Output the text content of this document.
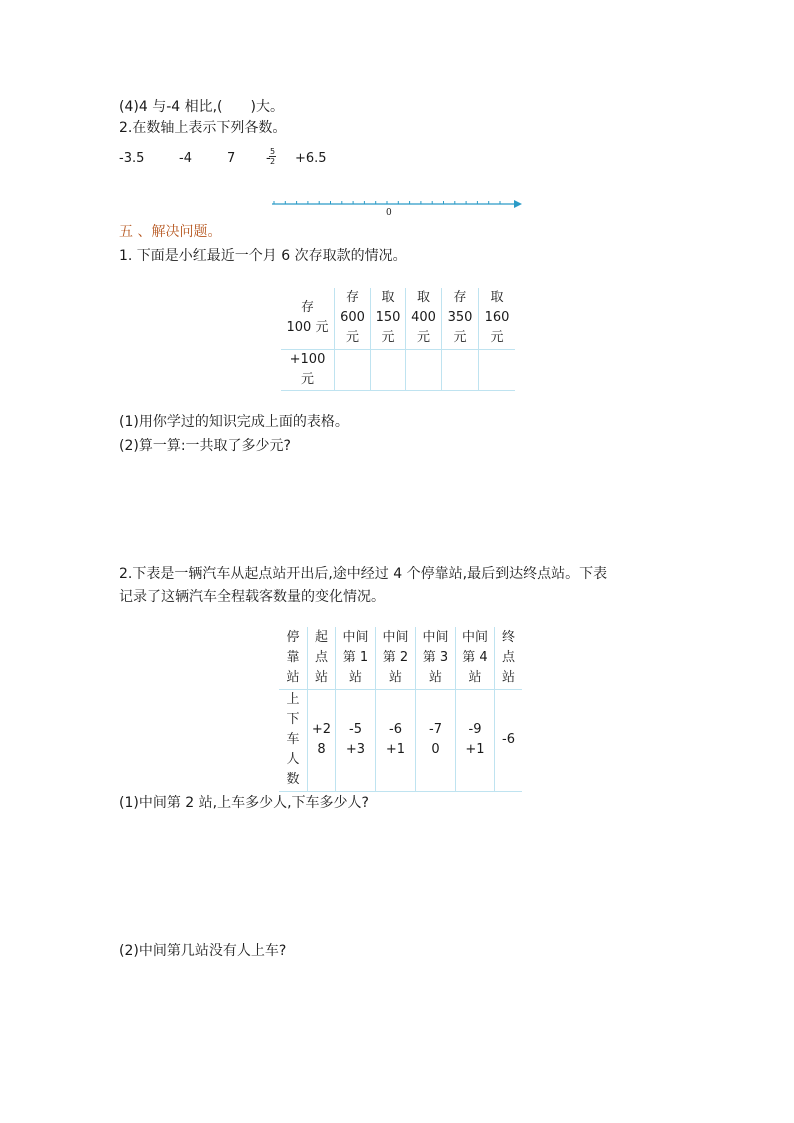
(4)4 与-4 相比,(　　)大。
2.在数轴上表示下列各数。
-3.5	-4	7 - 5
2 +6.5
0
五 、解决问题。
1. 下面是小红最近一个月 6 次存取款的情况。
存
100 元	存
600
元	取
150
元	取
400
元	存
350
元	取
160
元

+100
元					

(1)用你学过的知识完成上面的表格。
(2)算一算:一共取了多少元?
2.下表是一辆汽车从起点站开出后,途中经过 4 个停靠站,最后到达终点站。下表
记录了这辆汽车全程载客数量的变化情况。
停
靠
站	起
点
站	中间
第 1
站	中间
第 2
站	中间
第 3
站	中间
第 4
站	终
点
站

上
下
车
人
数	+2
8	-5
+3	-6
+1	-7
0	-9
+1	-6
(1)中间第 2 站,上车多少人,下车多少人?
(2)中间第几站没有人上车?
